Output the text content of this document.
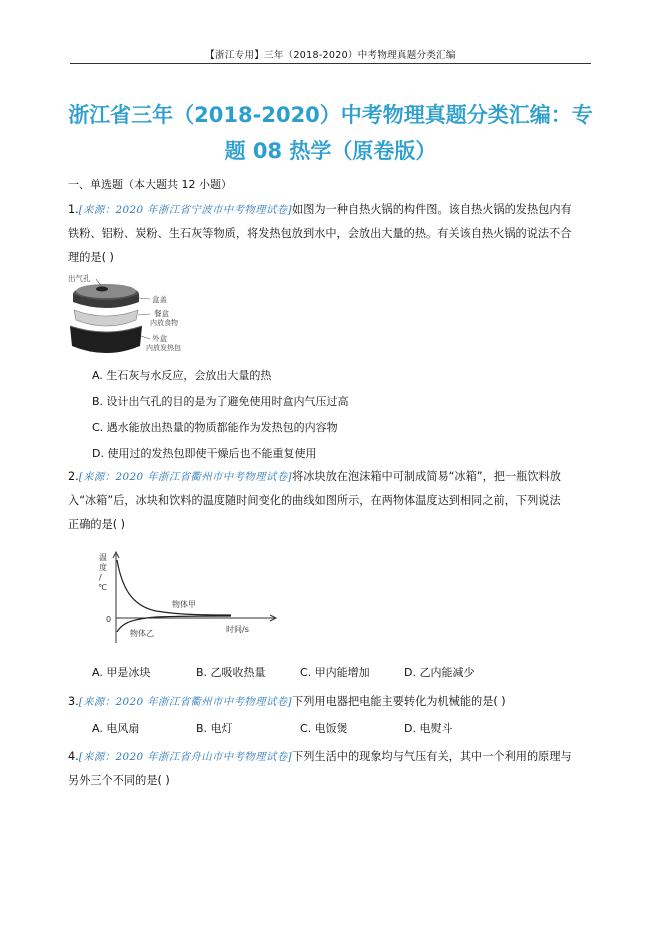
【浙江专用】三年（2018-2020）中考物理真题分类汇编
浙江省三年（2018-2020）中考物理真题分类汇编：专
题 08 热学（原卷版）
一、单选题（本大题共 12 小题）
1.[来源：2020 年浙江省宁波市中考物理试卷]如图为一种自热火锅的构件图。该自热火锅的发热包内有
铁粉、铝粉、炭粉、生石灰等物质，将发热包放到水中，会放出大量的热。有关该自热火锅的说法不合
理的是( )
出气孔
盒盖
餐盒
内放食物
外盒
内放发热包
A. 生石灰与水反应，会放出大量的热
B. 设计出气孔的目的是为了避免使用时盒内气压过高
C. 遇水能放出热量的物质都能作为发热包的内容物
D. 使用过的发热包即使干燥后也不能重复使用
2.[来源：2020 年浙江省衢州市中考物理试卷]将冰块放在泡沫箱中可制成简易“冰箱”，把一瓶饮料放
入“冰箱”后，冰块和饮料的温度随时间变化的曲线如图所示，在两物体温度达到相同之前，下列说法
正确的是( )
温 度 / ℃
0
物体甲
物体乙	时间/s
A. 甲是冰块	B. 乙吸收热量	C. 甲内能增加	D. 乙内能减少
3.[来源：2020 年浙江省衢州市中考物理试卷]下列用电器把电能主要转化为机械能的是( )
A. 电风扇	B. 电灯	C. 电饭煲	D. 电熨斗
4.[来源：2020 年浙江省舟山市中考物理试卷]下列生活中的现象均与气压有关，其中一个利用的原理与
另外三个不同的是( )
